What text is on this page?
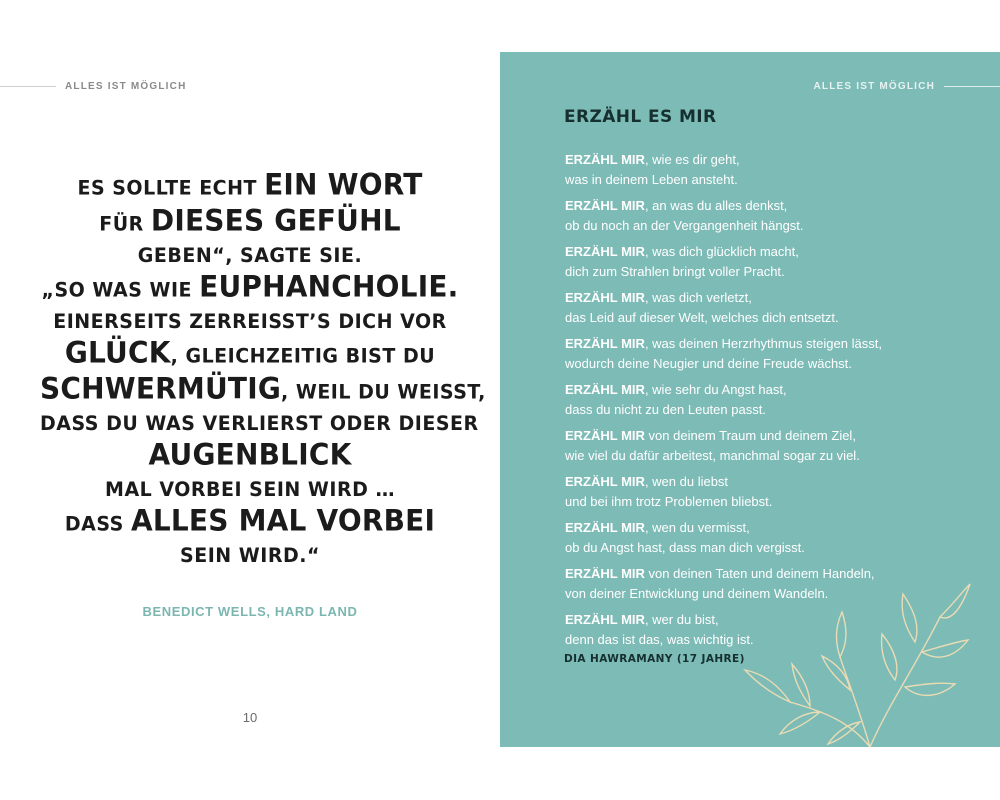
ALLES IST MÖGLICH
ES SOLLTE ECHT EIN WORT
FÜR DIESES GEFÜHL
GEBEN“, SAGTE SIE.
„SO WAS WIE EUPHANCHOLIE.
EINERSEITS ZERREISST’S DICH VOR
GLÜCK, GLEICHZEITIG BIST DU
SCHWERMÜTIG, WEIL DU WEISST,
DASS DU WAS VERLIERST ODER DIESER
AUGENBLICK
MAL VORBEI SEIN WIRD …
DASS ALLES MAL VORBEI
SEIN WIRD.“
BENEDICT WELLS, HARD LAND
10
ALLES IST MÖGLICH
ERZÄHL ES MIR
ERZÄHL MIR, wie es dir geht,
was in deinem Leben ansteht.
ERZÄHL MIR, an was du alles denkst,
ob du noch an der Vergangenheit hängst.
ERZÄHL MIR, was dich glücklich macht,
dich zum Strahlen bringt voller Pracht.
ERZÄHL MIR, was dich verletzt,
das Leid auf dieser Welt, welches dich entsetzt.
ERZÄHL MIR, was deinen Herzrhythmus steigen lässt,
wodurch deine Neugier und deine Freude wächst.
ERZÄHL MIR, wie sehr du Angst hast,
dass du nicht zu den Leuten passt.
ERZÄHL MIR von deinem Traum und deinem Ziel,
wie viel du dafür arbeitest, manchmal sogar zu viel.
ERZÄHL MIR, wen du liebst
und bei ihm trotz Problemen bliebst.
ERZÄHL MIR, wen du vermisst,
ob du Angst hast, dass man dich vergisst.
ERZÄHL MIR von deinen Taten und deinem Handeln,
von deiner Entwicklung und deinem Wandeln.
ERZÄHL MIR, wer du bist,
denn das ist das, was wichtig ist.
DIA HAWRAMANY (17 JAHRE)
